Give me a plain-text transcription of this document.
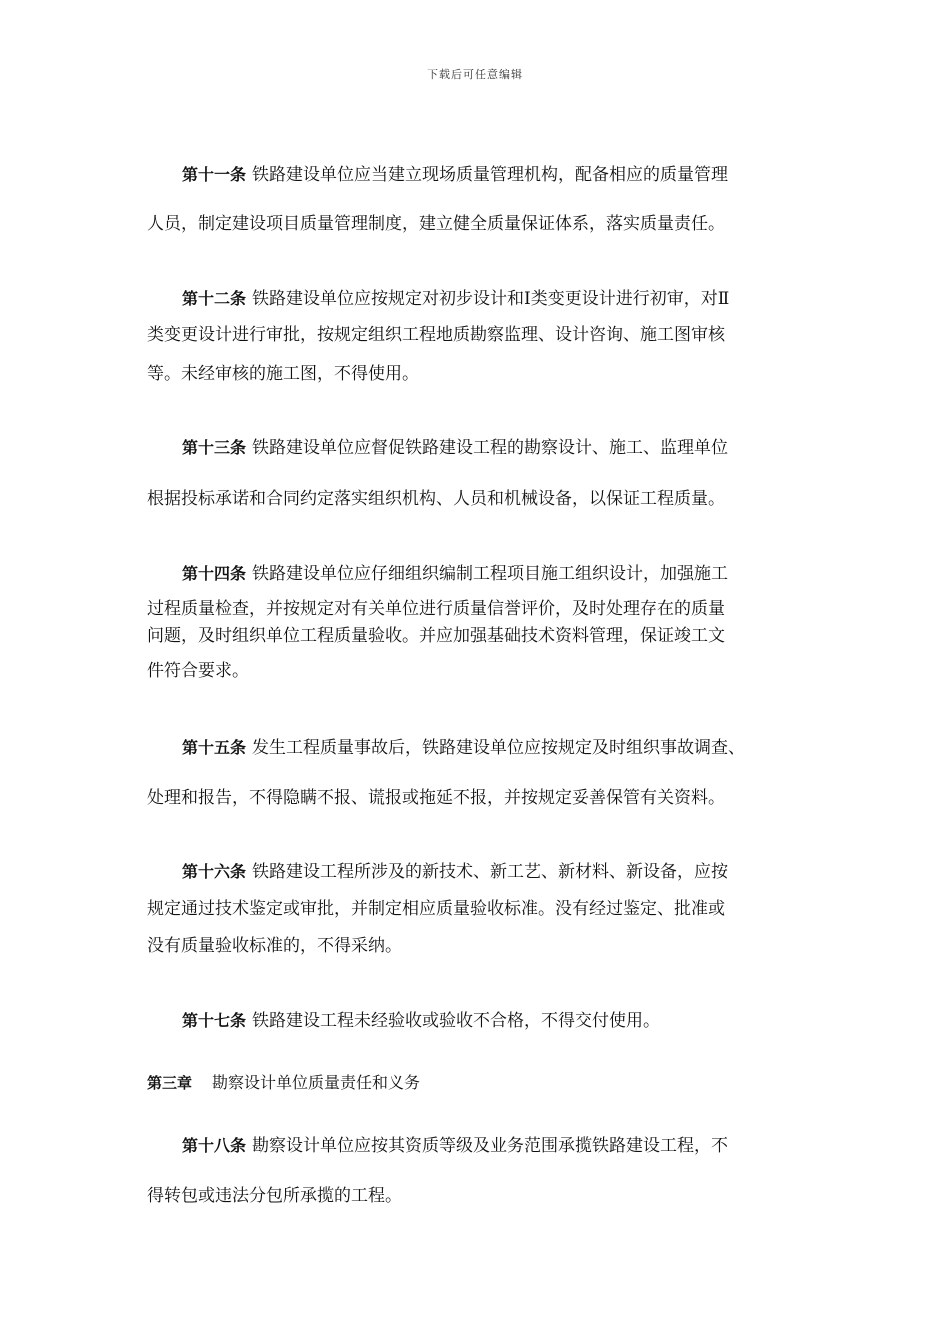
下载后可任意编辑
第十一条 铁路建设单位应当建立现场质量管理机构，配备相应的质量管理
人员，制定建设项目质量管理制度，建立健全质量保证体系，落实质量责任。
第十二条 铁路建设单位应按规定对初步设计和Ⅰ类变更设计进行初审，对Ⅱ
类变更设计进行审批，按规定组织工程地质勘察监理、设计咨询、施工图审核
等。未经审核的施工图，不得使用。
第十三条 铁路建设单位应督促铁路建设工程的勘察设计、施工、监理单位
根据投标承诺和合同约定落实组织机构、人员和机械设备，以保证工程质量。
第十四条 铁路建设单位应仔细组织编制工程项目施工组织设计，加强施工
过程质量检查，并按规定对有关单位进行质量信誉评价，及时处理存在的质量
问题，及时组织单位工程质量验收。并应加强基础技术资料管理，保证竣工文
件符合要求。
第十五条 发生工程质量事故后，铁路建设单位应按规定及时组织事故调查、
处理和报告，不得隐瞒不报、谎报或拖延不报，并按规定妥善保管有关资料。
第十六条 铁路建设工程所涉及的新技术、新工艺、新材料、新设备，应按
规定通过技术鉴定或审批，并制定相应质量验收标准。没有经过鉴定、批准或
没有质量验收标准的，不得采纳。
第十七条 铁路建设工程未经验收或验收不合格，不得交付使用。
第三章 勘察设计单位质量责任和义务
第十八条 勘察设计单位应按其资质等级及业务范围承揽铁路建设工程，不
得转包或违法分包所承揽的工程。
